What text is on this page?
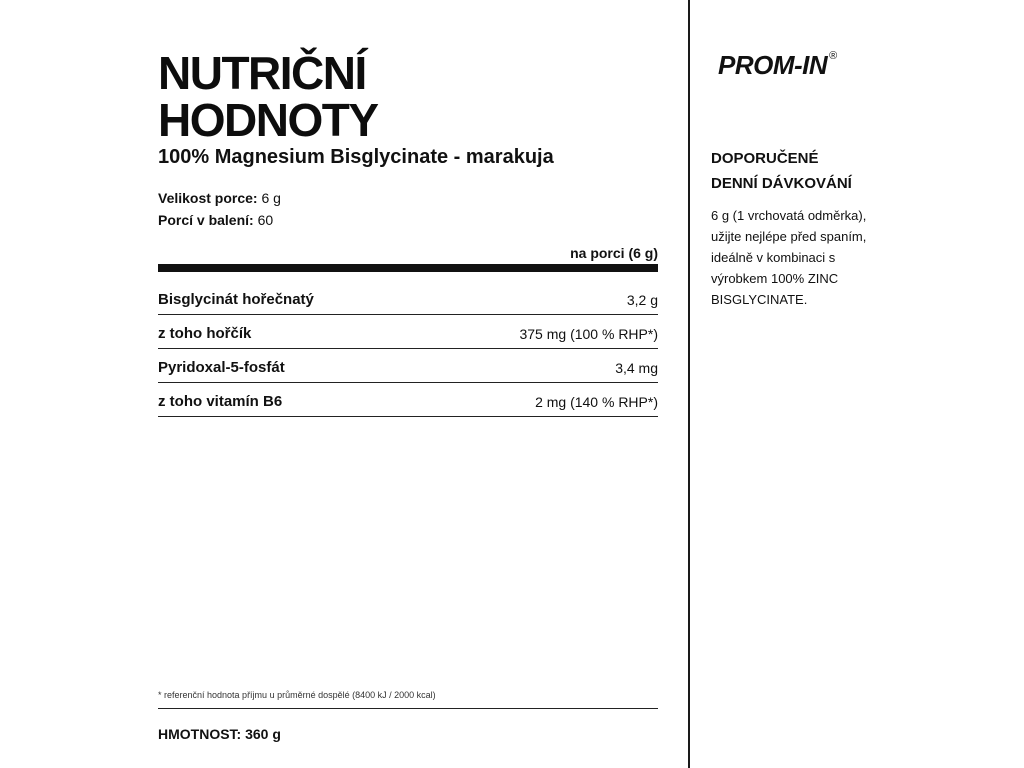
NUTRIČNÍ
HODNOTY
100% Magnesium Bisglycinate - marakuja
Velikost porce: 6 g
Porcí v balení: 60
na porci (6 g)
Bisglycinát hořečnatý	3,2 g
z toho hořčík	375 mg (100 % RHP*)
Pyridoxal-5-fosfát	3,4 mg
z toho vitamín B6	2 mg (140 % RHP*)
* referenční hodnota příjmu u průměrné dospělé (8400 kJ / 2000 kcal)
HMOTNOST: 360 g
PROM-IN ®
DOPORUČENÉ
DENNÍ DÁVKOVÁNÍ
6 g (1 vrchovatá odměrka),
užijte nejlépe před spaním,
ideálně v kombinaci s
výrobkem 100% ZINC
BISGLYCINATE.
